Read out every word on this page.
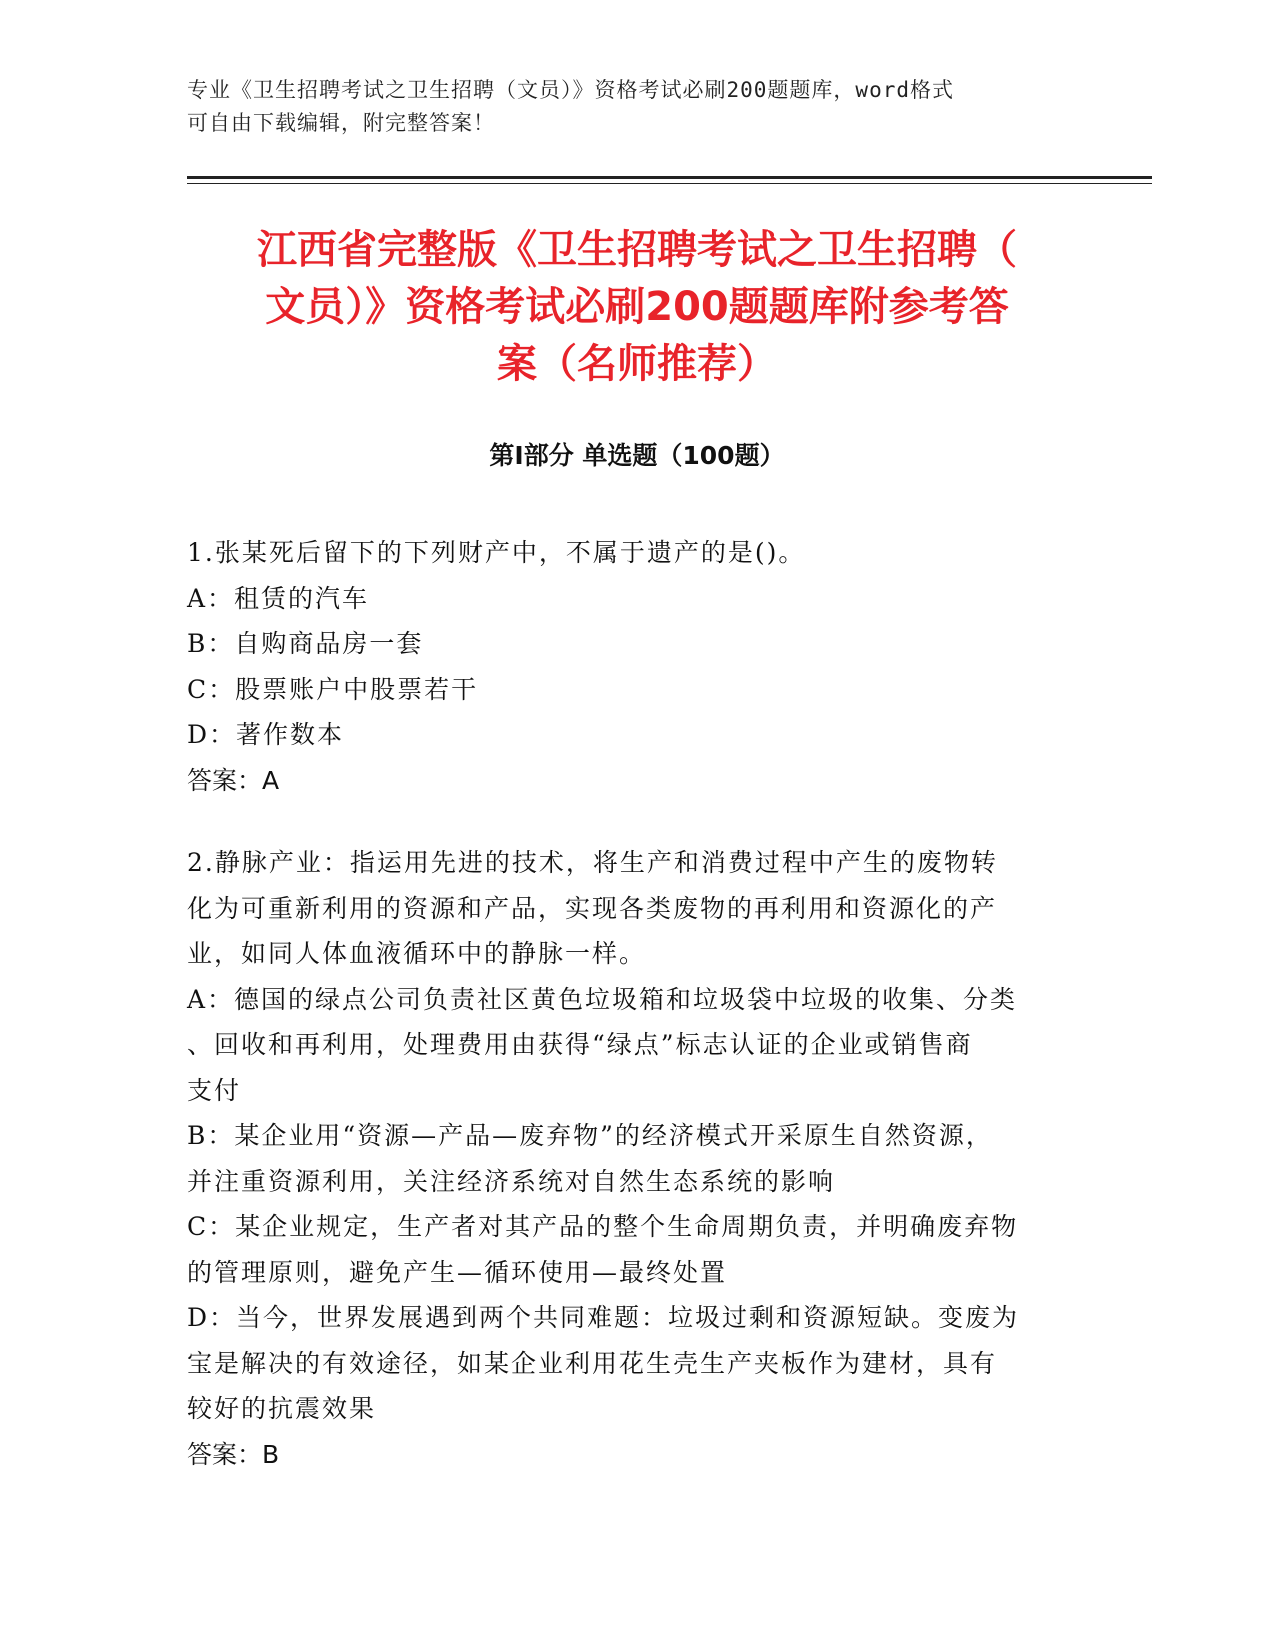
专业《卫生招聘考试之卫生招聘（文员）》资格考试必刷200题题库，word格式
可自由下载编辑，附完整答案！
江西省完整版《卫生招聘考试之卫生招聘（
文员）》资格考试必刷200题题库附参考答
案（名师推荐）
第Ⅰ部分 单选题（100题）

1.张某死后留下的下列财产中，不属于遗产的是()。

A：租赁的汽车

B：自购商品房一套

C：股票账户中股票若干

D：著作数本

答案：A

2.静脉产业：指运用先进的技术，将生产和消费过程中产生的废物转

化为可重新利用的资源和产品，实现各类废物的再利用和资源化的产

业，如同人体血液循环中的静脉一样。

A：德国的绿点公司负责社区黄色垃圾箱和垃圾袋中垃圾的收集、分类

、回收和再利用，处理费用由获得“绿点”标志认证的企业或销售商

支付

B：某企业用“资源—产品—废弃物”的经济模式开采原生自然资源，

并注重资源利用，关注经济系统对自然生态系统的影响

C：某企业规定，生产者对其产品的整个生命周期负责，并明确废弃物

的管理原则，避免产生—循环使用—最终处置

D：当今，世界发展遇到两个共同难题：垃圾过剩和资源短缺。变废为

宝是解决的有效途径，如某企业利用花生壳生产夹板作为建材，具有

较好的抗震效果

答案：B
